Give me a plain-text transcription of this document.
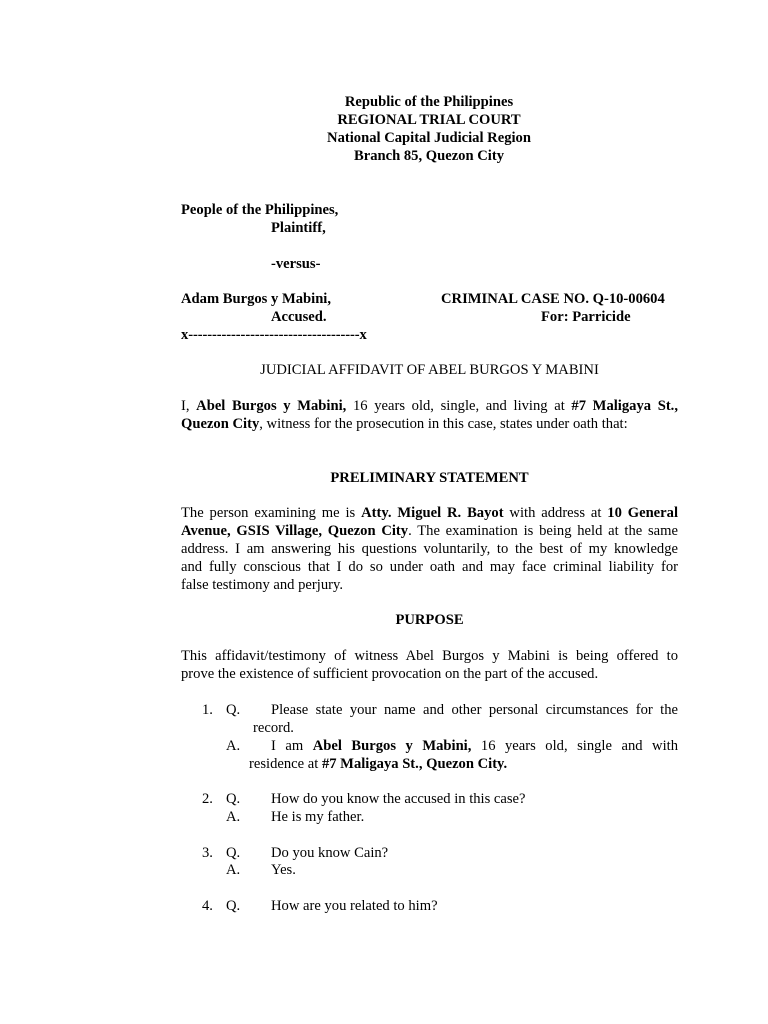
Republic of the Philippines
REGIONAL TRIAL COURT
National Capital Judicial Region
Branch 85, Quezon City
People of the Philippines,
Plaintiff,
-versus-
Adam Burgos y Mabini,
Accused.
CRIMINAL CASE NO. Q-10-00604
For: Parricide
x------------------------------------x
JUDICIAL AFFIDAVIT OF ABEL BURGOS Y MABINI
I, Abel Burgos y Mabini, 16 years old, single, and living at #7 Maligaya St.,
Quezon City, witness for the prosecution in this case, states under oath that:
PRELIMINARY STATEMENT
The person examining me is Atty. Miguel R. Bayot with address at 10 General
Avenue, GSIS Village, Quezon City. The examination is being held at the same
address. I am answering his questions voluntarily, to the best of my knowledge
and fully conscious that I do so under oath and may face criminal liability for
false testimony and perjury.
PURPOSE
This affidavit/testimony of witness Abel Burgos y Mabini is being offered to
prove the existence of sufficient provocation on the part of the accused.
1. Q. Please state your name and other personal circumstances for the
record.
A. I am Abel Burgos y Mabini, 16 years old, single and with
residence at #7 Maligaya St., Quezon City.
2. Q. How do you know the accused in this case?
A. He is my father.
3. Q. Do you know Cain?
A. Yes.
4. Q. How are you related to him?
